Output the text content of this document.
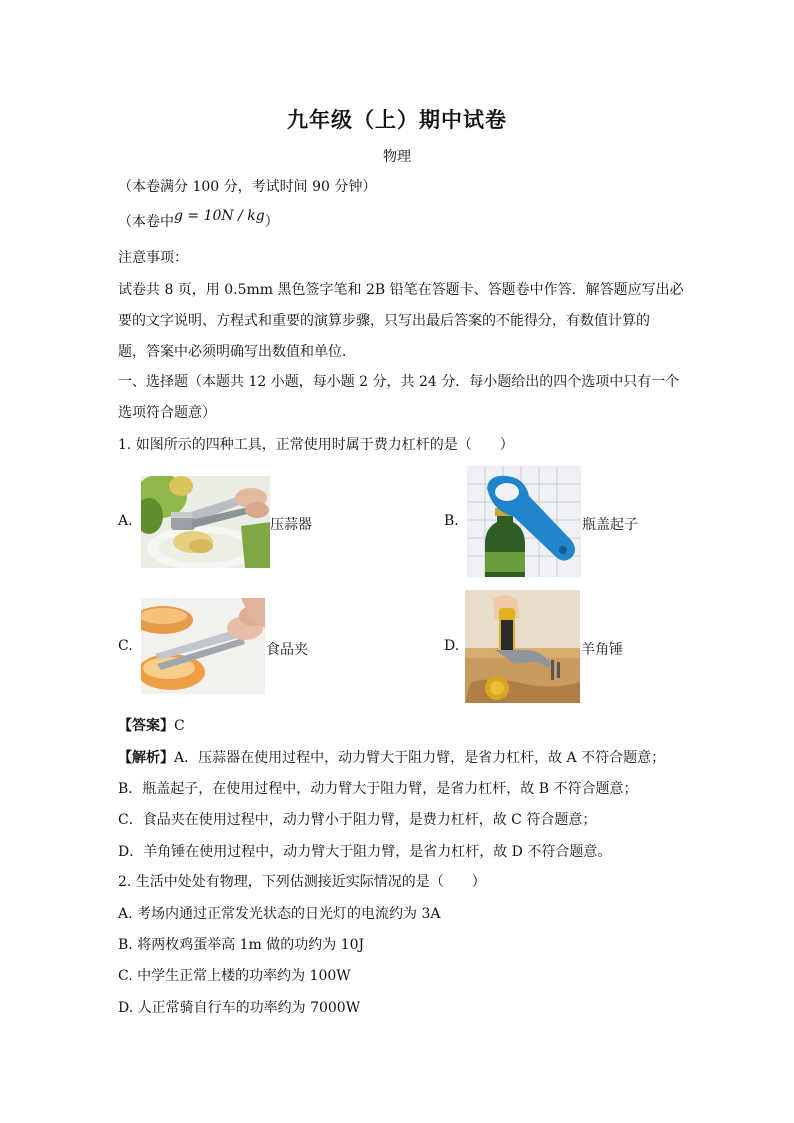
九年级（上）期中试卷
物理
（本卷满分 100 分，考试时间 90 分钟）
（本卷中g = 10N / kg）
注意事项：
试卷共 8 页，用 0.5mm 黑色签字笔和 2B 铅笔在答题卡、答题卷中作答．解答题应写出必
要的文字说明、方程式和重要的演算步骤，只写出最后答案的不能得分，有数值计算的
题，答案中必须明确写出数值和单位．
一、选择题（本题共 12 小题，每小题 2 分，共 24 分．每小题给出的四个选项中只有一个
选项符合题意）
1. 如图所示的四种工具，正常使用时属于费力杠杆的是（　　）
A.	压蒜器	B.	瓶盖起子
C.	食品夹	D.	羊角锤
【答案】C
【解析】A．压蒜器在使用过程中，动力臂大于阻力臂，是省力杠杆，故 A 不符合题意；
B．瓶盖起子，在使用过程中，动力臂大于阻力臂，是省力杠杆，故 B 不符合题意；
C．食品夹在使用过程中，动力臂小于阻力臂，是费力杠杆，故 C 符合题意；
D．羊角锤在使用过程中，动力臂大于阻力臂，是省力杠杆，故 D 不符合题意。
2. 生活中处处有物理，下列估测接近实际情况的是（　　）
A. 考场内通过正常发光状态的日光灯的电流约为 3A
B. 将两枚鸡蛋举高 1m 做的功约为 10J
C. 中学生正常上楼的功率约为 100W
D. 人正常骑自行车的功率约为 7000W
